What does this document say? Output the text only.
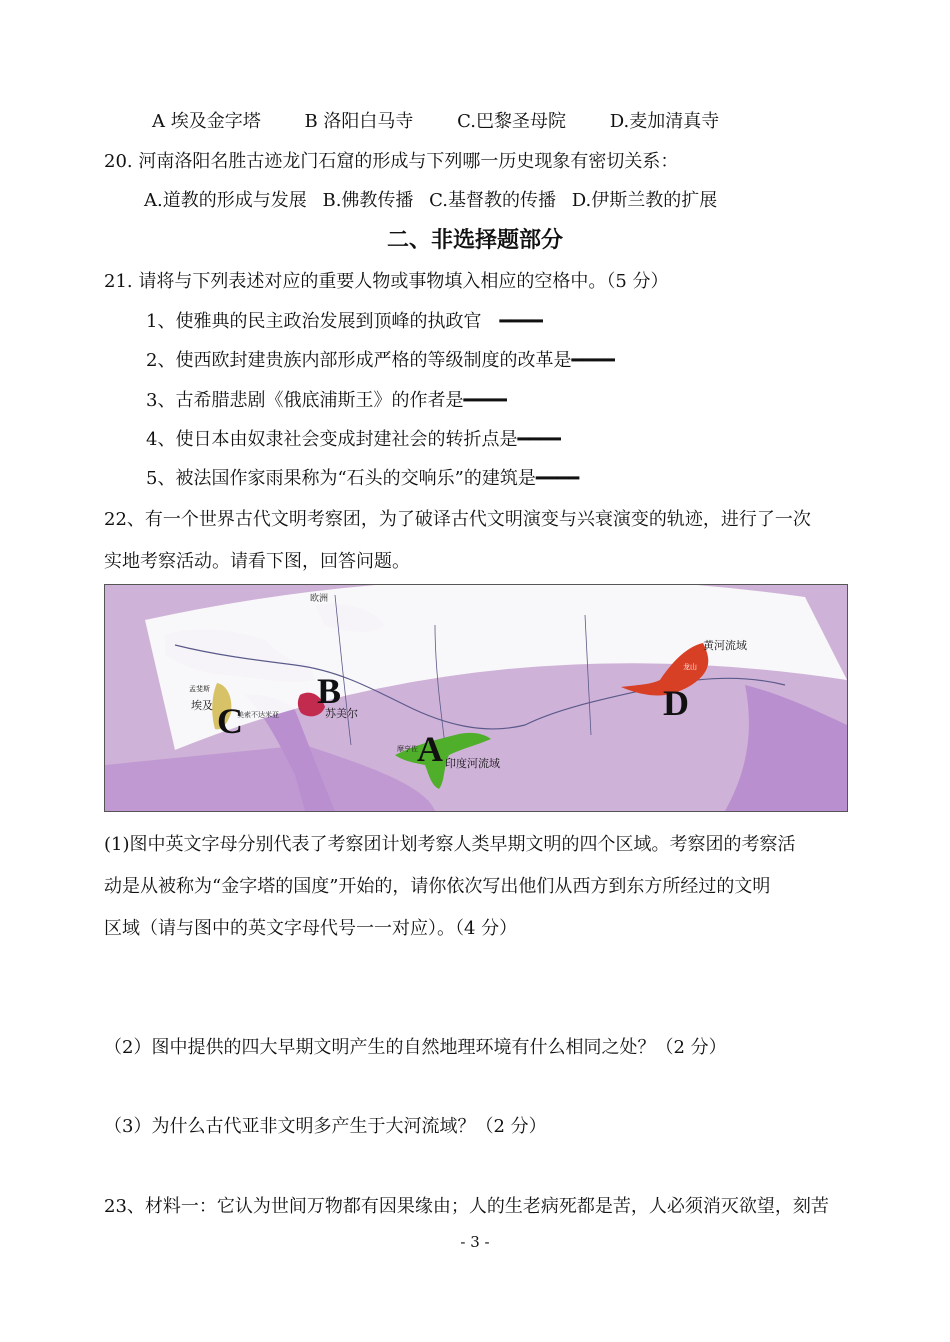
A 埃及金字塔 B 洛阳白马寺 C.巴黎圣母院 D.麦加清真寺
20. 河南洛阳名胜古迹龙门石窟的形成与下列哪一历史现象有密切关系：
A.道教的形成与发展 B.佛教传播 C.基督教的传播 D.伊斯兰教的扩展
二、非选择题部分
21. 请将与下列表述对应的重要人物或事物填入相应的空格中。（5 分）
1、使雅典的民主政治发展到顶峰的执政官　━━━━
2、使西欧封建贵族内部形成严格的等级制度的改革是━━━━
3、古希腊悲剧《俄底浦斯王》的作者是━━━━
4、使日本由奴隶社会变成封建社会的转折点是━━━━
5、被法国作家雨果称为“石头的交响乐”的建筑是━━━━
22、有一个世界古代文明考察团，为了破译古代文明演变与兴衰演变的轨迹，进行了一次
实地考察活动。请看下图，回答问题。
A
B
C	D
欧洲
埃及
孟斐斯
美索不达米亚	苏美尔
摩亨佐
印度河流域
黄河流域
龙山
(1)图中英文字母分别代表了考察团计划考察人类早期文明的四个区域。考察团的考察活
动是从被称为“金字塔的国度”开始的，请你依次写出他们从西方到东方所经过的文明
区域（请与图中的英文字母代号一一对应）。（4 分）
（2）图中提供的四大早期文明产生的自然地理环境有什么相同之处？（2 分）
（3）为什么古代亚非文明多产生于大河流域？（2 分）
23、材料一：它认为世间万物都有因果缘由；人的生老病死都是苦，人必须消灭欲望，刻苦
- 3 -
